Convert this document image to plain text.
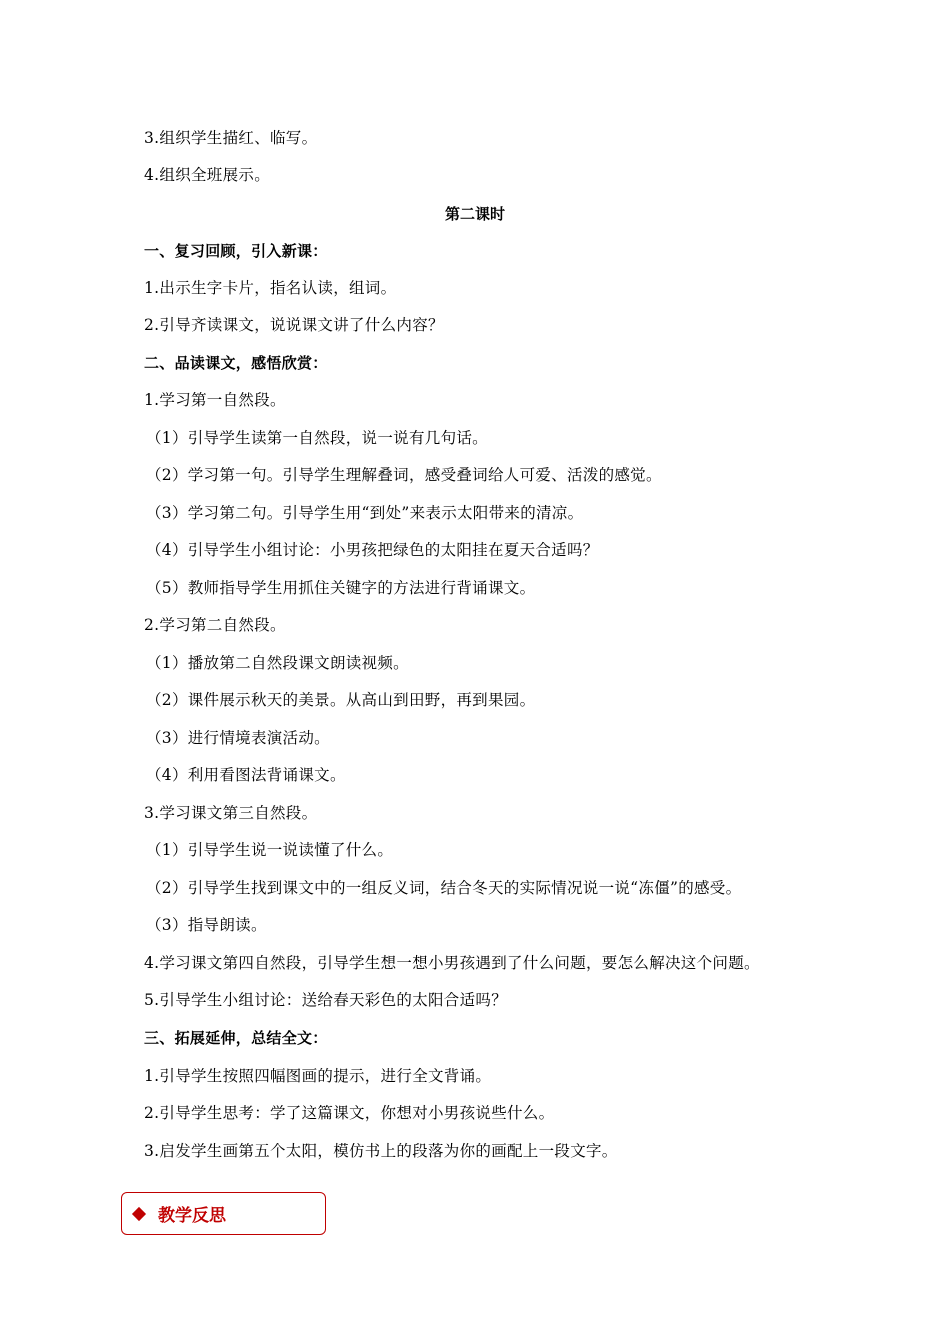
3.组织学生描红、临写。
4.组织全班展示。
第二课时
一、复习回顾，引入新课：
1.出示生字卡片，指名认读，组词。
2.引导齐读课文，说说课文讲了什么内容？
二、品读课文，感悟欣赏：
1.学习第一自然段。
（1）引导学生读第一自然段，说一说有几句话。
（2）学习第一句。引导学生理解叠词，感受叠词给人可爱、活泼的感觉。
（3）学习第二句。引导学生用“到处”来表示太阳带来的清凉。
（4）引导学生小组讨论：小男孩把绿色的太阳挂在夏天合适吗？
（5）教师指导学生用抓住关键字的方法进行背诵课文。
2.学习第二自然段。
（1）播放第二自然段课文朗读视频。
（2）课件展示秋天的美景。从高山到田野，再到果园。
（3）进行情境表演活动。
（4）利用看图法背诵课文。
3.学习课文第三自然段。
（1）引导学生说一说读懂了什么。
（2）引导学生找到课文中的一组反义词，结合冬天的实际情况说一说“冻僵”的感受。
（3）指导朗读。
4.学习课文第四自然段，引导学生想一想小男孩遇到了什么问题，要怎么解决这个问题。
5.引导学生小组讨论：送给春天彩色的太阳合适吗？
三、拓展延伸，总结全文：
1.引导学生按照四幅图画的提示，进行全文背诵。
2.引导学生思考：学了这篇课文，你想对小男孩说些什么。
3.启发学生画第五个太阳，模仿书上的段落为你的画配上一段文字。
教学反思
